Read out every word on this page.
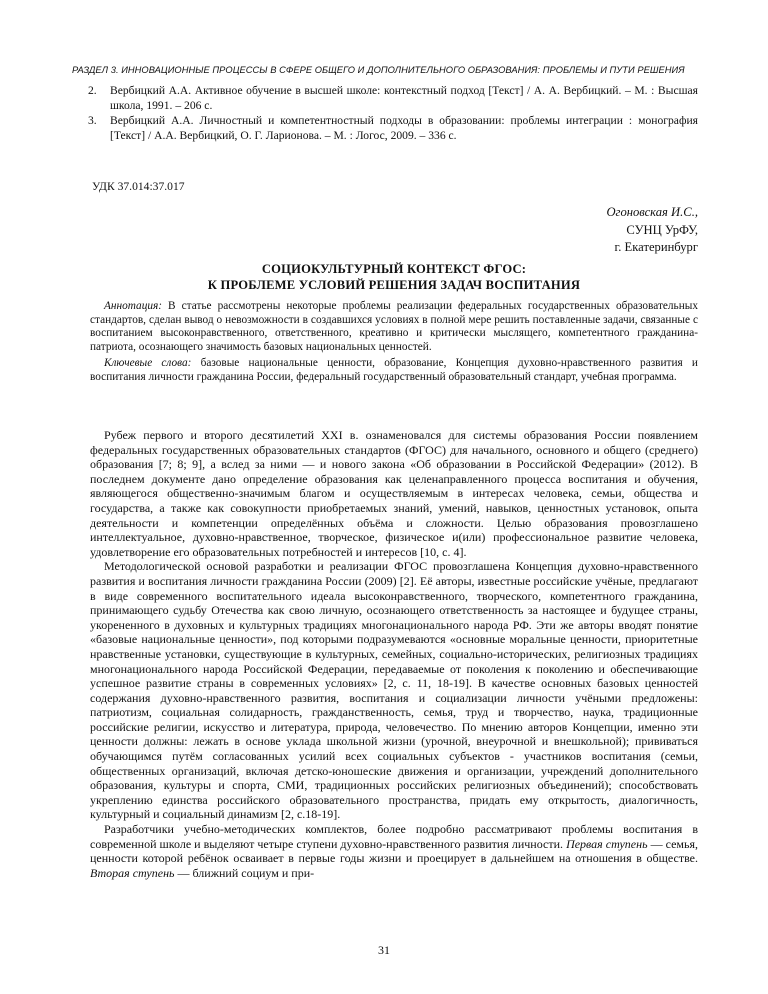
РАЗДЕЛ 3. ИННОВАЦИОННЫЕ ПРОЦЕССЫ В СФЕРЕ ОБЩЕГО И ДОПОЛНИТЕЛЬНОГО ОБРАЗОВАНИЯ: ПРОБЛЕМЫ И ПУТИ РЕШЕНИЯ
2. Вербицкий А.А. Активное обучение в высшей школе: контекстный подход [Текст] / А. А. Вербицкий. – М. : Высшая школа, 1991. – 206 с.
3. Вербицкий А.А. Личностный и компетентностный подходы в образовании: проблемы интеграции : монография [Текст] / А.А. Вербицкий, О. Г. Ларионова. – М. : Логос, 2009. – 336 с.
УДК 37.014:37.017
Огоновская И.С.,
СУНЦ УрФУ,
г. Екатеринбург
СОЦИОКУЛЬТУРНЫЙ КОНТЕКСТ ФГОС:
К ПРОБЛЕМЕ УСЛОВИЙ РЕШЕНИЯ ЗАДАЧ ВОСПИТАНИЯ

Аннотация: В статье рассмотрены некоторые проблемы реализации федеральных государственных образовательных стандартов, сделан вывод о невозможности в создавшихся условиях в полной мере решить поставленные задачи, связанные с воспитанием высоконравственного, ответственного, креативно и критически мыслящего, компетентного гражданина-патриота, осознающего значимость базовых национальных ценностей.

Ключевые слова: базовые национальные ценности, образование, Концепция духовно-нравственного развития и воспитания личности гражданина России, федеральный государственный образовательный стандарт, учебная программа.

Рубеж первого и второго десятилетий XXI в. ознаменовался для системы образования России появлением федеральных государственных образовательных стандартов (ФГОС) для начального, основного и общего (среднего) образования [7; 8; 9], а вслед за ними — и нового закона «Об образовании в Российской Федерации» (2012). В последнем документе дано определение образования как целенаправленного процесса воспитания и обучения, являющегося общественно-значимым благом и осуществляемым в интересах человека, семьи, общества и государства, а также как совокупности приобретаемых знаний, умений, навыков, ценностных установок, опыта деятельности и компетенции определённых объёма и сложности. Целью образования провозглашено интеллектуальное, духовно-нравственное, творческое, физическое и(или) профессиональное развитие человека, удовлетворение его образовательных потребностей и интересов [10, с. 4].

Методологической основой разработки и реализации ФГОС провозглашена Концепция духовно-нравственного развития и воспитания личности гражданина России (2009) [2]. Её авторы, известные российские учёные, предлагают в виде современного воспитательного идеала высоконравственного, творческого, компетентного гражданина, принимающего судьбу Отечества как свою личную, осознающего ответственность за настоящее и будущее страны, укорененного в духовных и культурных традициях многонационального народа РФ. Эти же авторы вводят понятие «базовые национальные ценности», под которыми подразумеваются «основные моральные ценности, приоритетные нравственные установки, существующие в культурных, семейных, социально-исторических, религиозных традициях многонационального народа Российской Федерации, передаваемые от поколения к поколению и обеспечивающие успешное развитие страны в современных условиях» [2, с. 11, 18-19]. В качестве основных базовых ценностей содержания духовно-нравственного развития, воспитания и социализации личности учёными предложены: патриотизм, социальная солидарность, гражданственность, семья, труд и творчество, наука, традиционные российские религии, искусство и литература, природа, человечество. По мнению авторов Концепции, именно эти ценности должны: лежать в основе уклада школьной жизни (урочной, внеурочной и внешкольной); прививаться обучающимся путём согласованных усилий всех социальных субъектов - участников воспитания (семьи, общественных организаций, включая детско-юношеские движения и организации, учреждений дополнительного образования, культуры и спорта, СМИ, традиционных российских религиозных объединений); способствовать укреплению единства российского образовательного пространства, придать ему открытость, диалогичность, культурный и социальный динамизм [2, с.18-19].

Разработчики учебно-методических комплектов, более подробно рассматривают проблемы воспитания в современной школе и выделяют четыре ступени духовно-нравственного развития личности. Первая ступень — семья, ценности которой ребёнок осваивает в первые годы жизни и проецирует в дальнейшем на отношения в обществе. Вторая ступень — ближний социум и при-

31
